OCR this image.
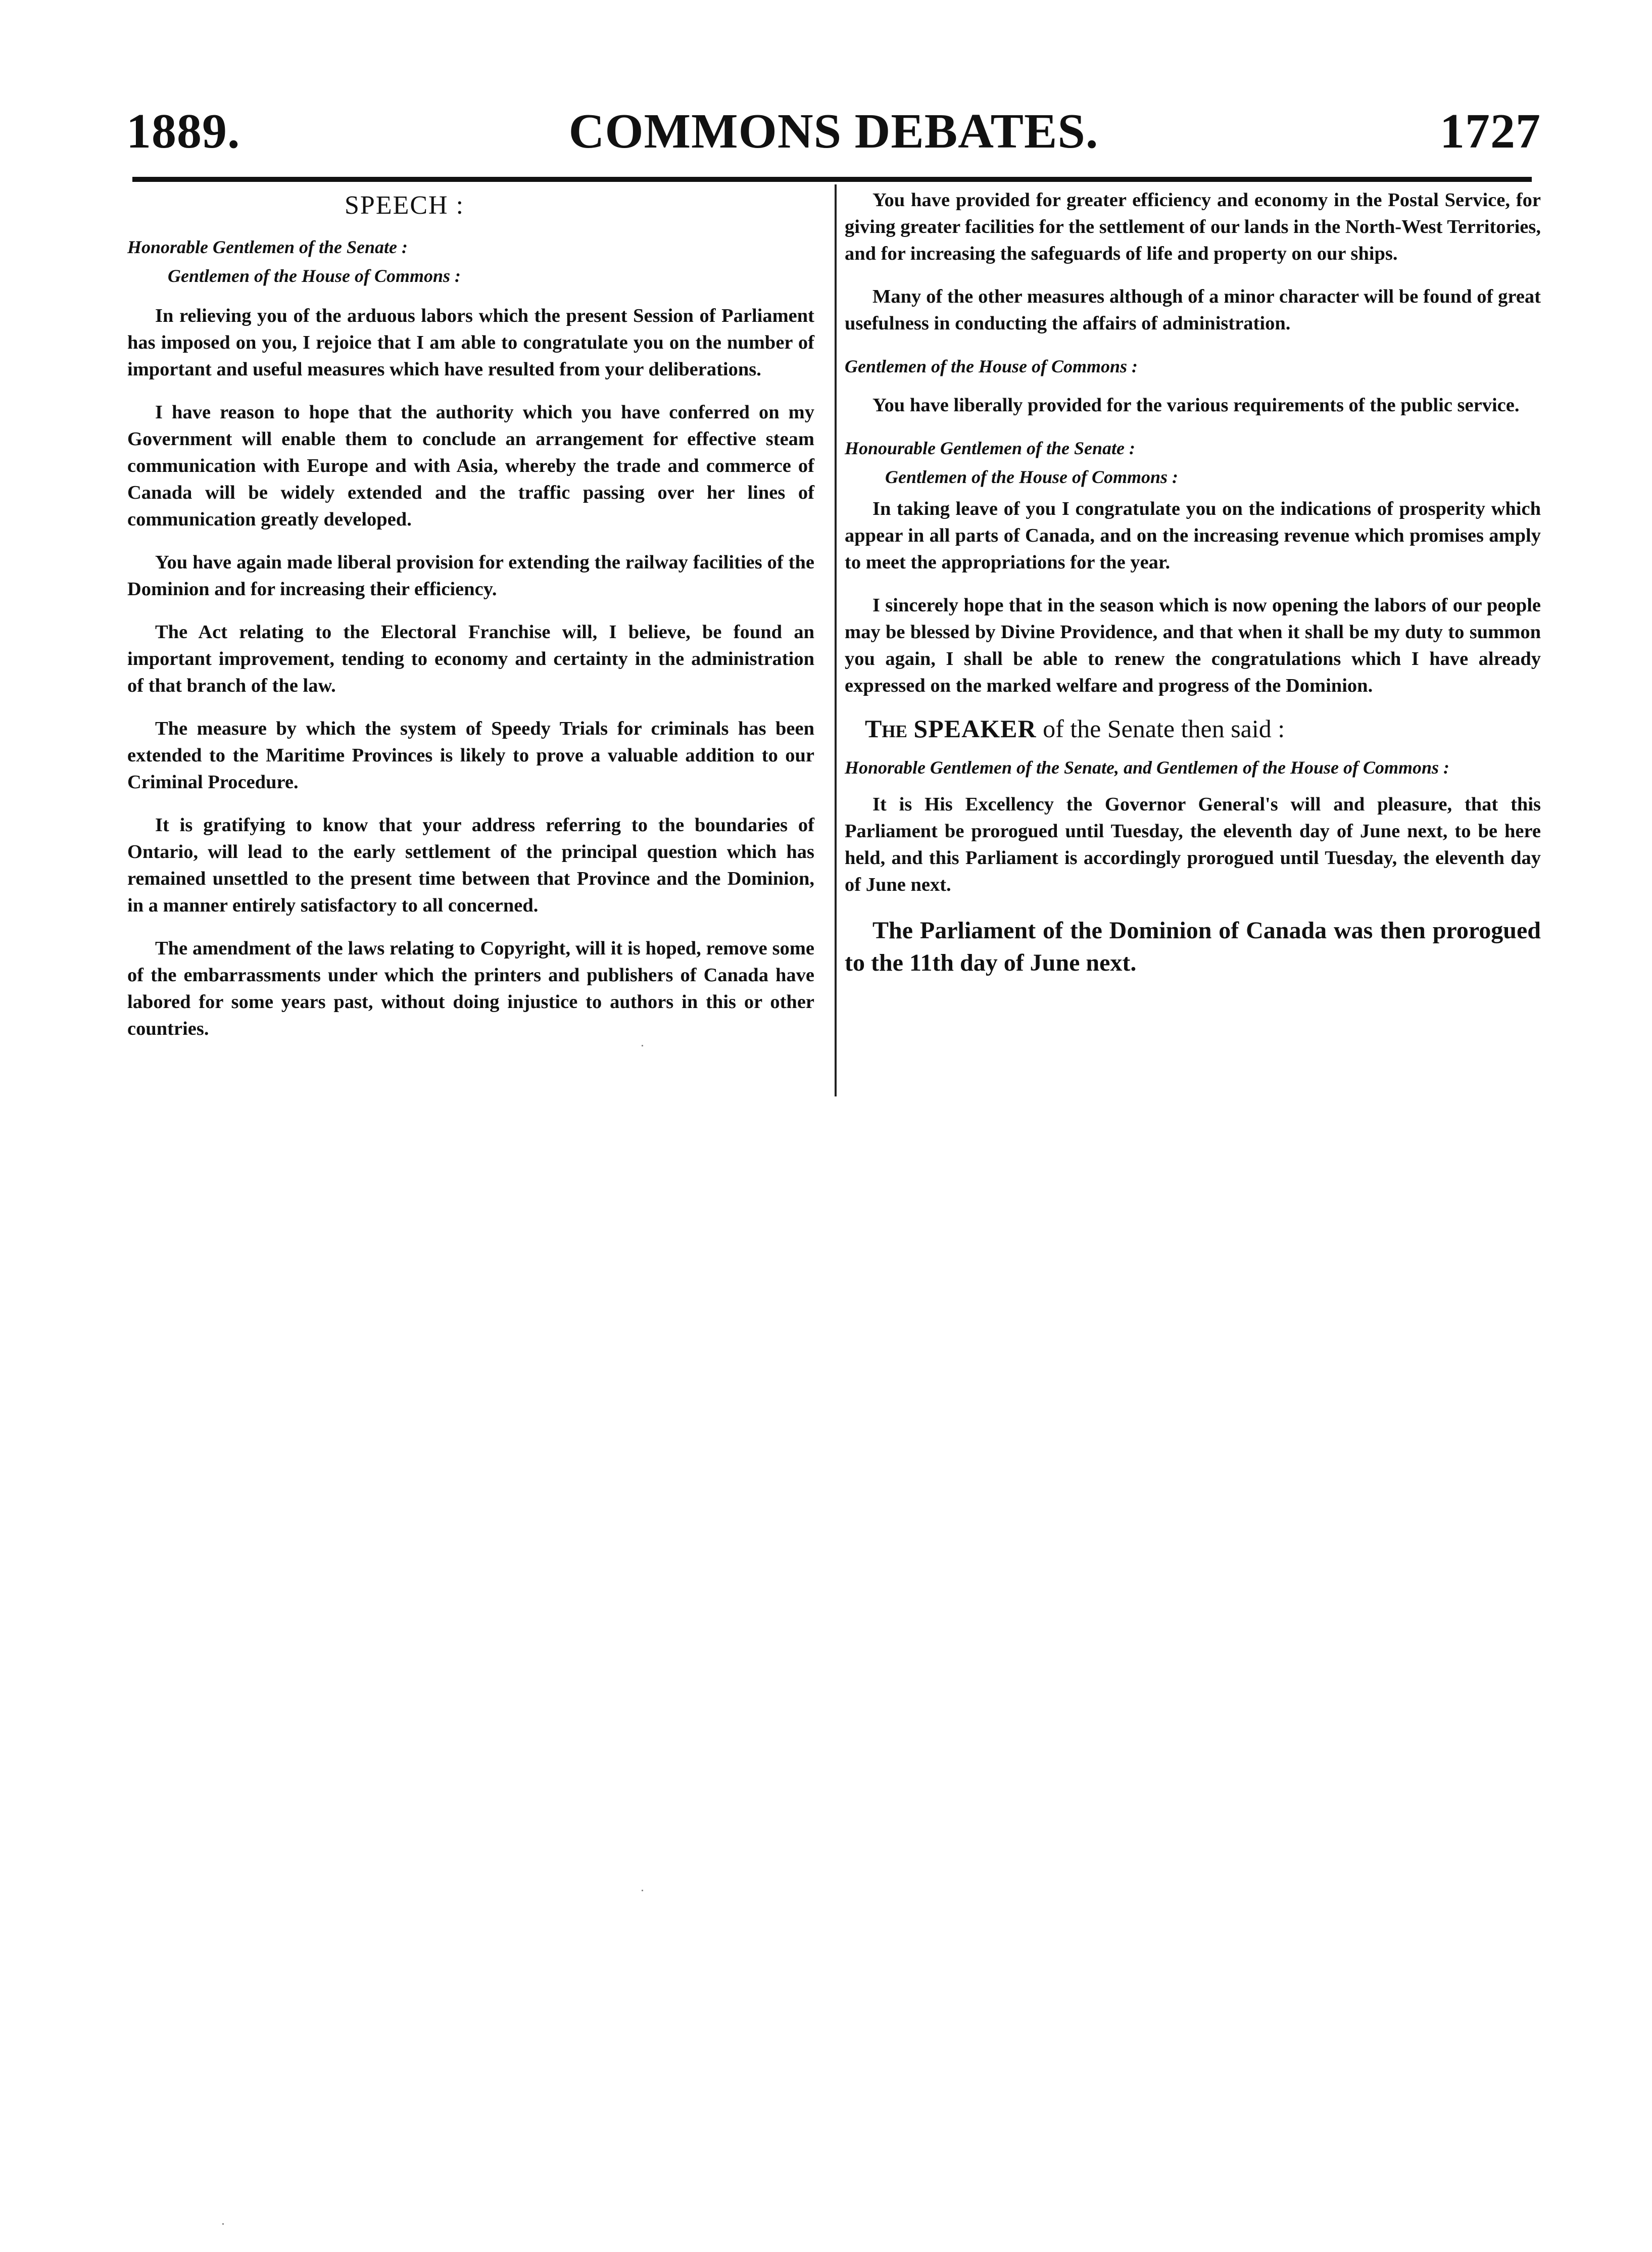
1889.	COMMONS DEBATES.	1727
SPEECH :
Honorable Gentlemen of the Senate :
Gentlemen of the House of Commons :

In relieving you of the arduous labors which the present Session of Parliament has imposed on you, I rejoice that I am able to congratulate you on the number of important and useful measures which have resulted from your deliberations.

I have reason to hope that the authority which you have conferred on my Government will enable them to conclude an arrangement for effective steam communication with Europe and with Asia, whereby the trade and commerce of Canada will be widely extended and the traffic passing over her lines of communication greatly developed.

You have again made liberal provision for extending the railway facilities of the Dominion and for increasing their efficiency.

The Act relating to the Electoral Franchise will, I believe, be found an important improvement, tending to economy and certainty in the administration of that branch of the law.

The measure by which the system of Speedy Trials for criminals has been extended to the Maritime Provinces is likely to prove a valuable addition to our Criminal Procedure.

It is gratifying to know that your address referring to the boundaries of Ontario, will lead to the early settlement of the principal question which has remained unsettled to the present time between that Province and the Dominion, in a manner entirely satisfactory to all concerned.

The amendment of the laws relating to Copyright, will it is hoped, remove some of the embarrassments under which the printers and publishers of Canada have labored for some years past, without doing injustice to authors in this or other countries.

You have provided for greater efficiency and economy in the Postal Service, for giving greater facilities for the settlement of our lands in the North-West Territories, and for increasing the safeguards of life and property on our ships.

Many of the other measures although of a minor character will be found of great usefulness in conducting the affairs of administration.

Gentlemen of the House of Commons :

You have liberally provided for the various requirements of the public service.

Honourable Gentlemen of the Senate :
Gentlemen of the House of Commons :

In taking leave of you I congratulate you on the indications of prosperity which appear in all parts of Canada, and on the increasing revenue which promises amply to meet the appropriations for the year.

I sincerely hope that in the season which is now opening the labors of our people may be blessed by Divine Providence, and that when it shall be my duty to summon you again, I shall be able to renew the congratulations which I have already expressed on the marked welfare and progress of the Dominion.

The SPEAKER of the Senate then said :
Honorable Gentlemen of the Senate, and Gentlemen of the House of Commons :

It is His Excellency the Governor General's will and pleasure, that this Parliament be prorogued until Tuesday, the eleventh day of June next, to be here held, and this Parliament is accordingly prorogued until Tuesday, the eleventh day of June next.

The Parliament of the Dominion of Canada was then prorogued to the 11th day of June next.
